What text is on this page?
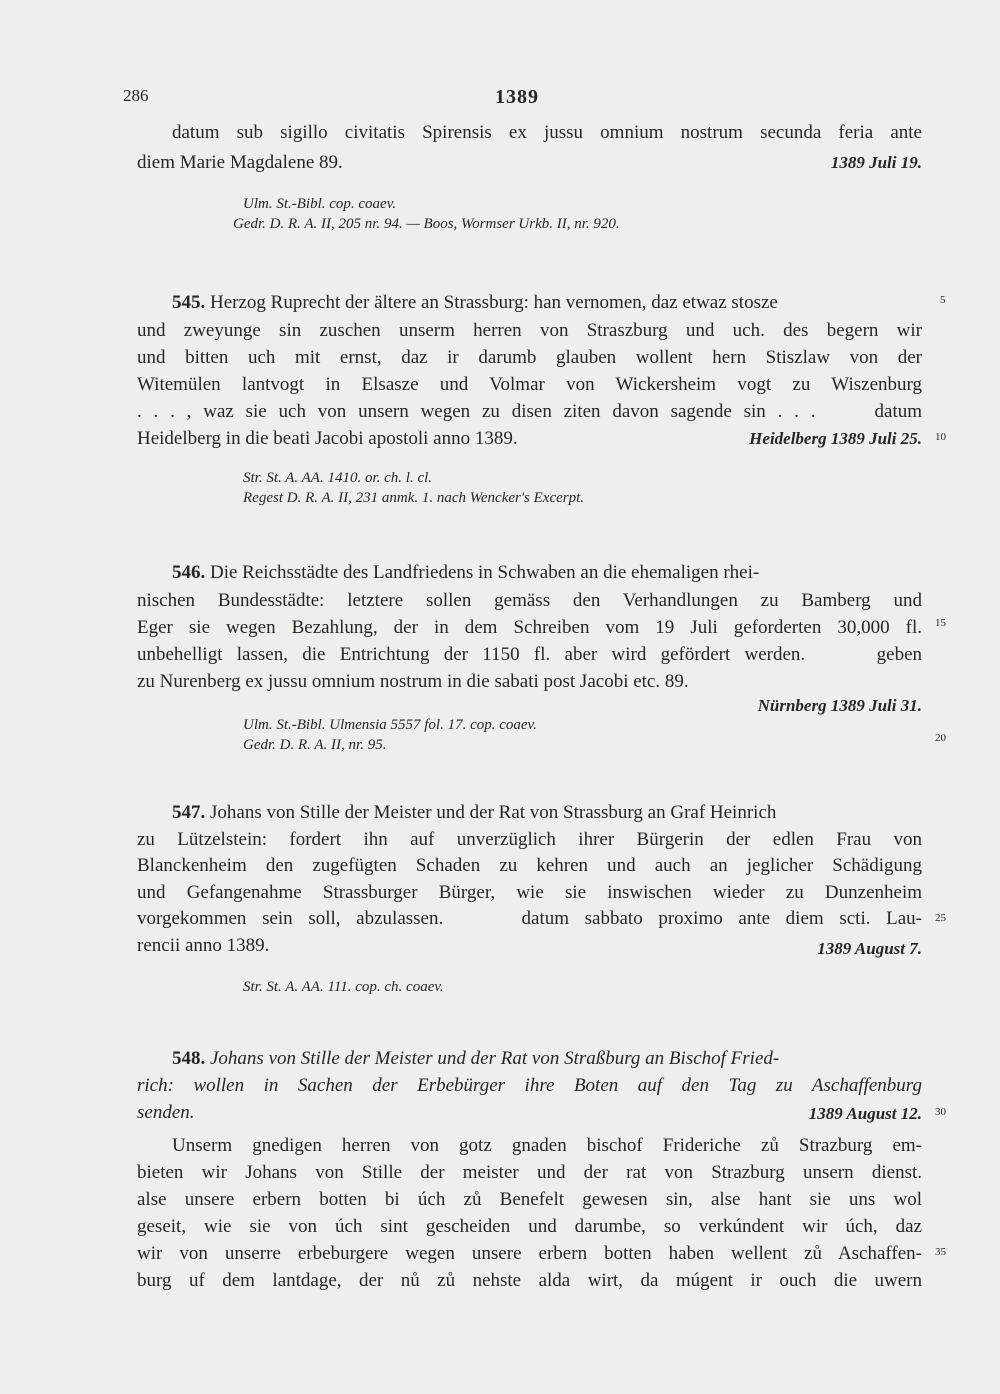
286	1389
datum sub sigillo civitatis Spirensis ex jussu omnium nostrum secunda feria ante
diem Marie Magdalene 89.	1389 Juli 19.
Ulm. St.-Bibl. cop. coaev.
Gedr. D. R. A. II, 205 nr. 94. — Boos, Wormser Urkb. II, nr. 920.
545. Herzog Ruprecht der ältere an Strassburg: han vernomen, daz etwaz stosze
und zweyunge sin zuschen unserm herren von Straszburg und uch. des begern wir
und bitten uch mit ernst, daz ir darumb glauben wollent hern Stiszlaw von der
Witemülen lantvogt in Elsasze und Volmar von Wickersheim vogt zu Wiszenburg
. . . , waz sie uch von unsern wegen zu disen ziten davon sagende sin . . .     datum
Heidelberg in die beati Jacobi apostoli anno 1389.	Heidelberg 1389 Juli 25.
Str. St. A. AA. 1410. or. ch. l. cl.
Regest D. R. A. II, 231 anmk. 1. nach Wencker's Excerpt.
546. Die Reichsstädte des Landfriedens in Schwaben an die ehemaligen rhei-
nischen Bundesstädte: letztere sollen gemäss den Verhandlungen zu Bamberg und
Eger sie wegen Bezahlung, der in dem Schreiben vom 19 Juli geforderten 30,000 fl.
unbehelligt lassen, die Entrichtung der 1150 fl. aber wird gefördert werden.     geben
zu Nurenberg ex jussu omnium nostrum in die sabati post Jacobi etc. 89.
Nürnberg 1389 Juli 31.
Ulm. St.-Bibl. Ulmensia 5557 fol. 17. cop. coaev.
Gedr. D. R. A. II, nr. 95.
547. Johans von Stille der Meister und der Rat von Strassburg an Graf Heinrich
zu Lützelstein: fordert ihn auf unverzüglich ihrer Bürgerin der edlen Frau von
Blanckenheim den zugefügten Schaden zu kehren und auch an jeglicher Schädigung
und Gefangenahme Strassburger Bürger, wie sie inswischen wieder zu Dunzenheim
vorgekommen sein soll, abzulassen.     datum sabbato proximo ante diem scti. Lau-
rencii anno 1389.	1389 August 7.
Str. St. A. AA. 111. cop. ch. coaev.
548. Johans von Stille der Meister und der Rat von Straßburg an Bischof Fried-
rich: wollen in Sachen der Erbebürger ihre Boten auf den Tag zu Aschaffenburg
senden.	1389 August 12.
Unserm gnedigen herren von gotz gnaden bischof Frideriche zů Strazburg em-
bieten wir Johans von Stille der meister und der rat von Strazburg unsern dienst.
alse unsere erbern botten bi úch zů Benefelt gewesen sin, alse hant sie uns wol
geseit, wie sie von úch sint gescheiden und darumbe, so verkúndent wir úch, daz
wir von unserre erbeburgere wegen unsere erbern botten haben wellent zů Aschaffen-
burg uf dem lantdage, der nů zů nehste alda wirt, da múgent ir ouch die uwern
5
10
15
20
25
30
35
